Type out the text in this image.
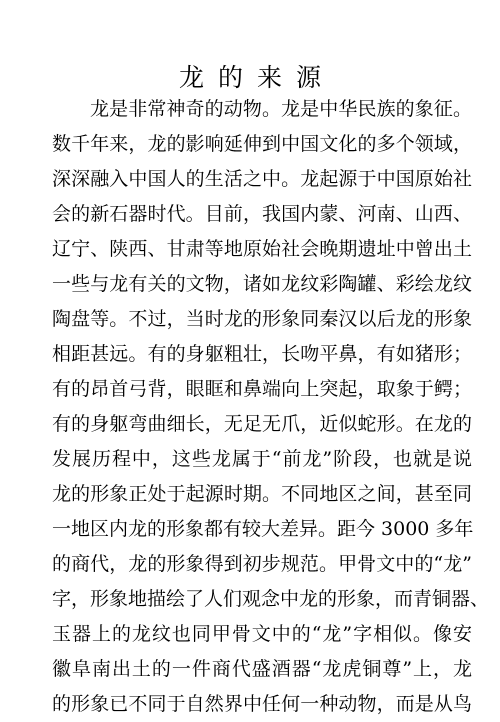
龙的来源
龙是非常神奇的动物。龙是中华民族的象征。
数千年来，龙的影响延伸到中国文化的多个领域，
深深融入中国人的生活之中。龙起源于中国原始社
会的新石器时代。目前，我国内蒙、河南、山西、
辽宁、陕西、甘肃等地原始社会晚期遗址中曾出土
一些与龙有关的文物，诸如龙纹彩陶罐、彩绘龙纹
陶盘等。不过，当时龙的形象同秦汉以后龙的形象
相距甚远。有的身躯粗壮，长吻平鼻，有如猪形；
有的昂首弓背，眼眶和鼻端向上突起，取象于鳄；
有的身躯弯曲细长，无足无爪，近似蛇形。在龙的
发展历程中，这些龙属于“前龙”阶段，也就是说
龙的形象正处于起源时期。不同地区之间，甚至同
一地区内龙的形象都有较大差异。距今 3000 多年
的商代，龙的形象得到初步规范。甲骨文中的“龙”
字，形象地描绘了人们观念中龙的形象，而青铜器、
玉器上的龙纹也同甲骨文中的“龙”字相似。像安
徽阜南出土的一件商代盛酒器“龙虎铜尊”上，龙
的形象已不同于自然界中任何一种动物，而是从鸟
